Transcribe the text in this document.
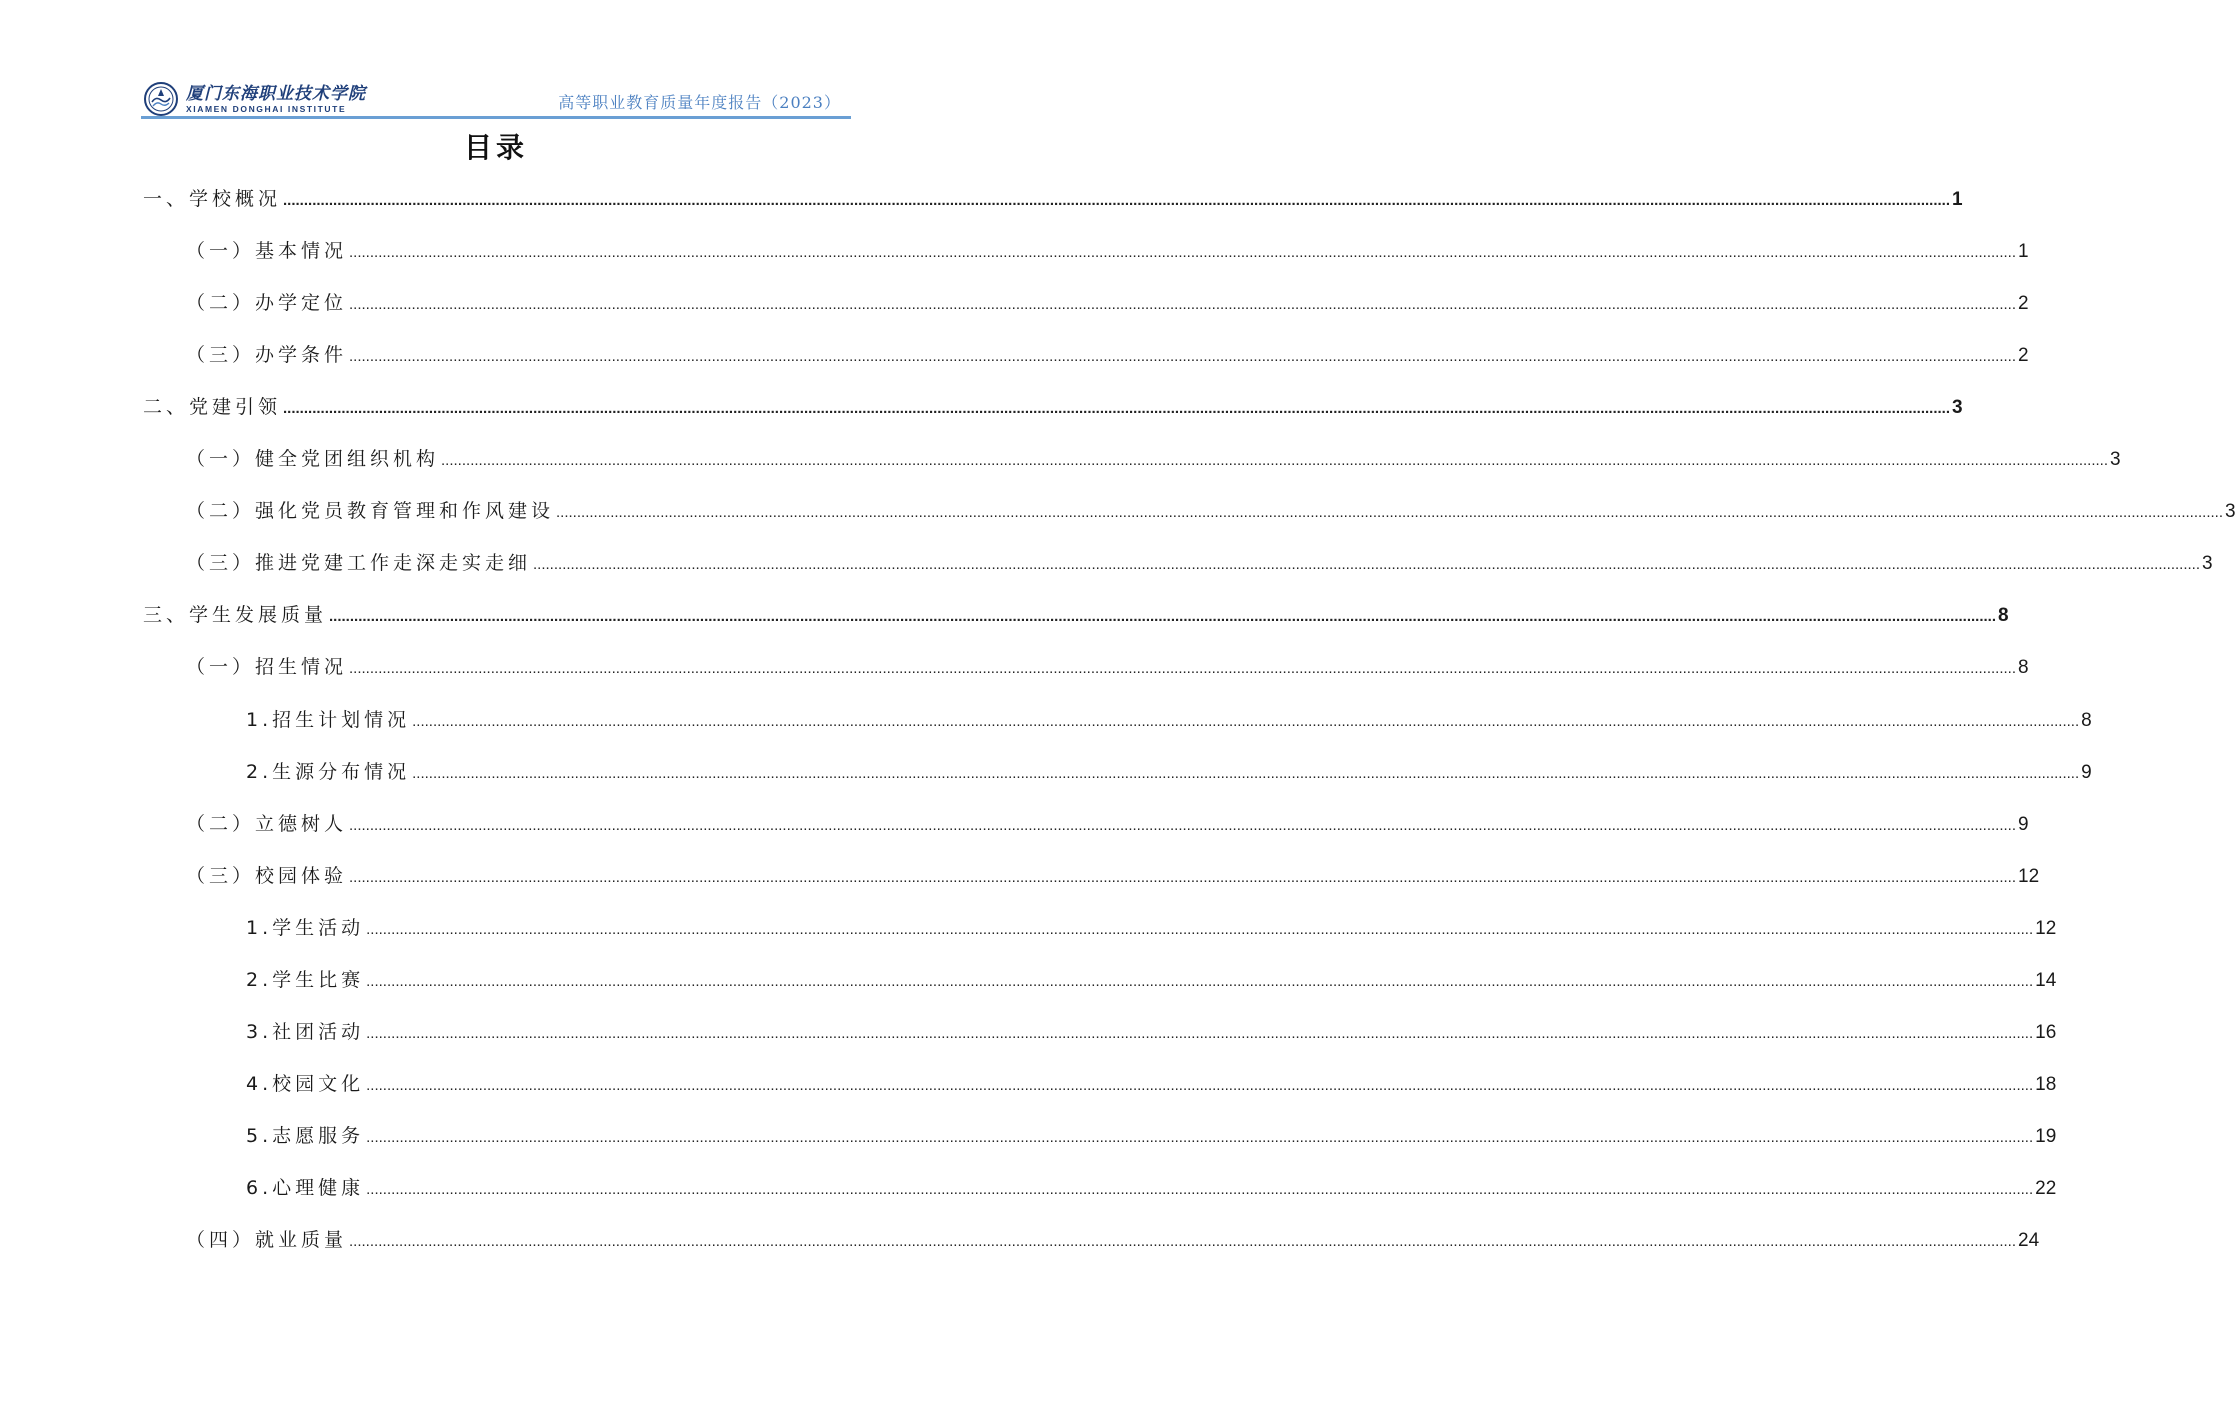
厦门东海职业技术学院
XIAMEN DONGHAI INSTITUTE	高等职业教育质量年度报告（2023）
目录
一、学校概况 ................................................................................................................................................................................................................................................................................................................................................................................................................ 1
（一）基本情况 ................................................................................................................................................................................................................................................................................................................................................................................................................ 1
（二）办学定位 ................................................................................................................................................................................................................................................................................................................................................................................................................ 2
（三）办学条件 ................................................................................................................................................................................................................................................................................................................................................................................................................ 2
二、党建引领 ................................................................................................................................................................................................................................................................................................................................................................................................................ 3
（一）健全党团组织机构 ................................................................................................................................................................................................................................................................................................................................................................................................................ 3
（二）强化党员教育管理和作风建设 ................................................................................................................................................................................................................................................................................................................................................................................................................ 3
（三）推进党建工作走深走实走细 ................................................................................................................................................................................................................................................................................................................................................................................................................ 3
三、学生发展质量 ................................................................................................................................................................................................................................................................................................................................................................................................................ 8
（一）招生情况 ................................................................................................................................................................................................................................................................................................................................................................................................................ 8
1.招生计划情况 ................................................................................................................................................................................................................................................................................................................................................................................................................ 8
2.生源分布情况 ................................................................................................................................................................................................................................................................................................................................................................................................................ 9
（二）立德树人 ................................................................................................................................................................................................................................................................................................................................................................................................................ 9
（三）校园体验 ................................................................................................................................................................................................................................................................................................................................................................................................................ 12
1.学生活动 ................................................................................................................................................................................................................................................................................................................................................................................................................ 12
2.学生比赛 ................................................................................................................................................................................................................................................................................................................................................................................................................ 14
3.社团活动 ................................................................................................................................................................................................................................................................................................................................................................................................................ 16
4.校园文化 ................................................................................................................................................................................................................................................................................................................................................................................................................ 18
5.志愿服务 ................................................................................................................................................................................................................................................................................................................................................................................................................ 19
6.心理健康 ................................................................................................................................................................................................................................................................................................................................................................................................................ 22
（四）就业质量 ................................................................................................................................................................................................................................................................................................................................................................................................................ 24
